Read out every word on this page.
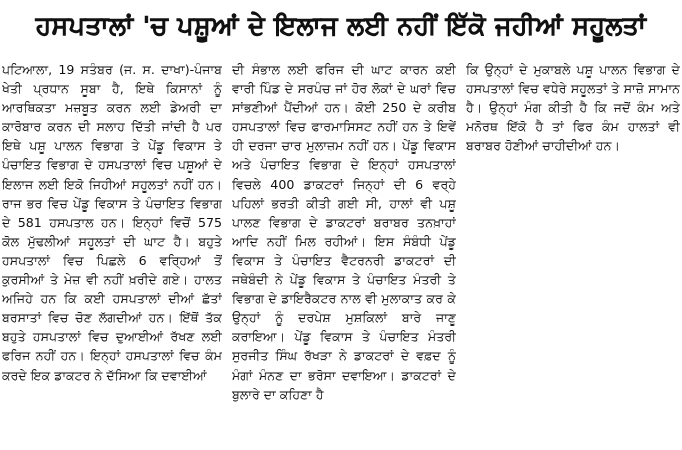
ਹਸਪਤਾਲਾਂ 'ਚ ਪਸ਼ੂਆਂ ਦੇ ਇਲਾਜ ਲਈ ਨਹੀਂ ਇੱਕੋ ਜਹੀਆਂ ਸਹੂਲਤਾਂ

ਪਟਿਆਲਾ, 19 ਸਤੰਬਰ (ਜ. ਸ. ਦਾਖਾ)-ਪੰਜਾਬ ਖੇਤੀ ਪ੍ਰਧਾਨ ਸੂਬਾ ਹੈ, ਇਥੇ ਕਿਸਾਨਾਂ ਨੂੰ ਆਰਥਿਕਤਾ ਮਜ਼ਬੂਤ ਕਰਨ ਲਈ ਡੇਅਰੀ ਦਾ ਕਾਰੋਬਾਰ ਕਰਨ ਦੀ ਸਲਾਹ ਦਿੱਤੀ ਜਾਂਦੀ ਹੈ ਪਰ ਇਥੇ ਪਸ਼ੂ ਪਾਲਨ ਵਿਭਾਗ ਤੇ ਪੇਂਡੂ ਵਿਕਾਸ ਤੇ ਪੰਚਾਇਤ ਵਿਭਾਗ ਦੇ ਹਸਪਤਾਲਾਂ ਵਿਚ ਪਸ਼ੂਆਂ ਦੇ ਇਲਾਜ ਲਈ ਇਕੋ ਜਿਹੀਆਂ ਸਹੂਲਤਾਂ ਨਹੀਂ ਹਨ। ਰਾਜ ਭਰ ਵਿਚ ਪੇਂਡੂ ਵਿਕਾਸ ਤੇ ਪੰਚਾਇਤ ਵਿਭਾਗ ਦੇ 581 ਹਸਪਤਾਲ ਹਨ। ਇਨ੍ਹਾਂ ਵਿਚੋਂ 575 ਕੋਲ ਮੁੱਢਲੀਆਂ ਸਹੂਲਤਾਂ ਦੀ ਘਾਟ ਹੈ। ਬਹੁਤੇ ਹਸਪਤਾਲਾਂ ਵਿਚ ਪਿਛਲੇ 6 ਵਰ੍ਹਿਆਂ ਤੋਂ ਕੁਰਸੀਆਂ ਤੇ ਮੇਜ਼ ਵੀ ਨਹੀਂ ਖ਼ਰੀਦੇ ਗਏ। ਹਾਲਤ ਅਜਿਹੇ ਹਨ ਕਿ ਕਈ ਹਸਪਤਾਲਾਂ ਦੀਆਂ ਛੱਤਾਂ ਬਰਸਾਤਾਂ ਵਿਚ ਚੋਣ ਲੱਗਦੀਆਂ ਹਨ। ਇੱਥੋਂ ਤੱਕ ਬਹੁਤੇ ਹਸਪਤਾਲਾਂ ਵਿਚ ਦੁਆਈਆਂ ਰੱਖਣ ਲਈ ਫਰਿਜ ਨਹੀਂ ਹਨ। ਇਨ੍ਹਾਂ ਹਸਪਤਾਲਾਂ ਵਿਚ ਕੰਮ ਕਰਦੇ ਇਕ ਡਾਕਟਰ ਨੇ ਦੱਸਿਆ ਕਿ ਦਵਾਈਆਂ

ਦੀ ਸੰਭਾਲ ਲਈ ਫਰਿਜ ਦੀ ਘਾਟ ਕਾਰਨ ਕਈ ਵਾਰੀ ਪਿੰਡ ਦੇ ਸਰਪੰਚ ਜਾਂ ਹੋਰ ਲੋਕਾਂ ਦੇ ਘਰਾਂ ਵਿਚ ਸਾਂਭਣੀਆਂ ਪੈਂਦੀਆਂ ਹਨ। ਕੋਈ 250 ਦੇ ਕਰੀਬ ਹਸਪਤਾਲਾਂ ਵਿਚ ਫਾਰਮਾਸਿਸਟ ਨਹੀਂ ਹਨ ਤੇ ਇਵੇਂ ਹੀ ਦਰਜਾ ਚਾਰ ਮੁਲਾਜ਼ਮ ਨਹੀਂ ਹਨ। ਪੇਂਡੂ ਵਿਕਾਸ ਅਤੇ ਪੰਚਾਇਤ ਵਿਭਾਗ ਦੇ ਇਨ੍ਹਾਂ ਹਸਪਤਾਲਾਂ ਵਿਚਲੇ 400 ਡਾਕਟਰਾਂ ਜਿਨ੍ਹਾਂ ਦੀ 6 ਵਰ੍ਹੇ ਪਹਿਲਾਂ ਭਰਤੀ ਕੀਤੀ ਗਈ ਸੀ, ਹਾਲਾਂ ਵੀ ਪਸ਼ੂ ਪਾਲਣ ਵਿਭਾਗ ਦੇ ਡਾਕਟਰਾਂ ਬਰਾਬਰ ਤਨਖ਼ਾਹਾਂ ਆਦਿ ਨਹੀਂ ਮਿਲ ਰਹੀਆਂ। ਇਸ ਸੰਬੰਧੀ ਪੇਂਡੂ ਵਿਕਾਸ ਤੇ ਪੰਚਾਇਤ ਵੈਟਰਨਰੀ ਡਾਕਟਰਾਂ ਦੀ ਜਥੇਬੰਦੀ ਨੇ ਪੇਂਡੂ ਵਿਕਾਸ ਤੇ ਪੰਚਾਇਤ ਮੰਤਰੀ ਤੇ ਵਿਭਾਗ ਦੇ ਡਾਇਰੈਕਟਰ ਨਾਲ ਵੀ ਮੁਲਾਕਾਤ ਕਰ ਕੇ ਉਨ੍ਹਾਂ ਨੂੰ ਦਰਪੇਸ਼ ਮੁਸ਼ਕਿਲਾਂ ਬਾਰੇ ਜਾਣੂ ਕਰਾਇਆ। ਪੇਂਡੂ ਵਿਕਾਸ ਤੇ ਪੰਚਾਇਤ ਮੰਤਰੀ ਸੁਰਜੀਤ ਸਿੰਘ ਰੱਖੜਾ ਨੇ ਡਾਕਟਰਾਂ ਦੇ ਵਫ਼ਦ ਨੂੰ ਮੰਗਾਂ ਮੰਨਣ ਦਾ ਭਰੋਸਾ ਦਵਾਇਆ। ਡਾਕਟਰਾਂ ਦੇ ਬੁਲਾਰੇ ਦਾ ਕਹਿਣਾ ਹੈ

ਕਿ ਉਨ੍ਹਾਂ ਦੇ ਮੁਕਾਬਲੇ ਪਸ਼ੂ ਪਾਲਨ ਵਿਭਾਗ ਦੇ ਹਸਪਤਾਲਾਂ ਵਿਚ ਵਧੇਰੇ ਸਹੂਲਤਾਂ ਤੇ ਸਾਜ਼ੋ ਸਾਮਾਨ ਹੈ। ਉਨ੍ਹਾਂ ਮੰਗ ਕੀਤੀ ਹੈ ਕਿ ਜਦੋਂ ਕੰਮ ਅਤੇ ਮਨੋਰਥ ਇੱਕੋ ਹੈ ਤਾਂ ਫਿਰ ਕੰਮ ਹਾਲਤਾਂ ਵੀ ਬਰਾਬਰ ਹੋਣੀਆਂ ਚਾਹੀਦੀਆਂ ਹਨ।
